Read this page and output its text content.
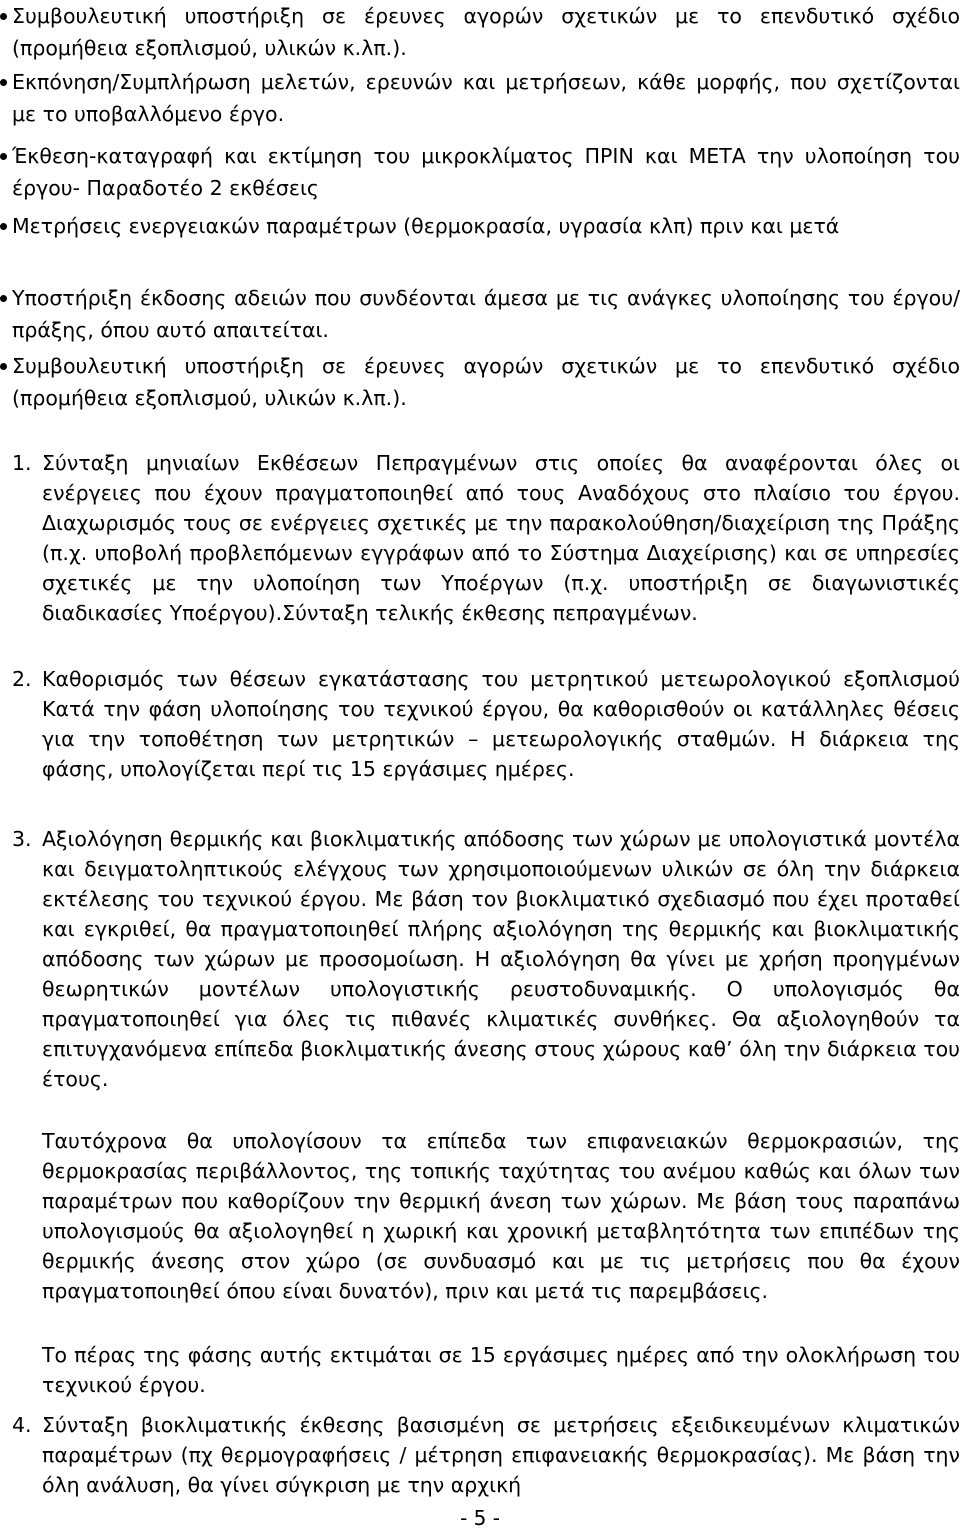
Συμβουλευτική υποστήριξη σε έρευνες αγορών σχετικών με το επενδυτικό σχέδιο (προμήθεια εξοπλισμού, υλικών κ.λπ.).
Εκπόνηση/Συμπλήρωση μελετών, ερευνών και μετρήσεων, κάθε μορφής, που σχετίζονται με το υποβαλλόμενο έργο.
Έκθεση-καταγραφή και εκτίμηση του μικροκλίματος ΠΡΙΝ και ΜΕΤΑ την υλοποίηση του έργου- Παραδοτέο 2 εκθέσεις
Μετρήσεις ενεργειακών παραμέτρων (θερμοκρασία, υγρασία κλπ) πριν και μετά
Υποστήριξη έκδοσης αδειών που συνδέονται άμεσα με τις ανάγκες υλοποίησης του έργου/ πράξης, όπου αυτό απαιτείται.
Συμβουλευτική υποστήριξη σε έρευνες αγορών σχετικών με το επενδυτικό σχέδιο (προμήθεια εξοπλισμού, υλικών κ.λπ.).
1. Σύνταξη μηνιαίων Εκθέσεων Πεπραγμένων στις οποίες θα αναφέρονται όλες οι ενέργειες που έχουν πραγματοποιηθεί από τους Αναδόχους στο πλαίσιο του έργου. Διαχωρισμός τους σε ενέργειες σχετικές με την παρακολούθηση/διαχείριση της Πράξης (π.χ. υποβολή προβλεπόμενων εγγράφων από το Σύστημα Διαχείρισης) και σε υπηρεσίες σχετικές με την υλοποίηση των Υποέργων (π.χ. υποστήριξη σε διαγωνιστικές διαδικασίες Υποέργου).Σύνταξη τελικής έκθεσης πεπραγμένων.
2. Καθορισμός των θέσεων εγκατάστασης του μετρητικού μετεωρολογικού εξοπλισμού Κατά την φάση υλοποίησης του τεχνικού έργου, θα καθορισθούν οι κατάλληλες θέσεις για την τοποθέτηση των μετρητικών – μετεωρολογικής σταθμών. Η διάρκεια της φάσης, υπολογίζεται περί τις 15 εργάσιμες ημέρες.
3. Αξιολόγηση θερμικής και βιοκλιματικής απόδοσης των χώρων με υπολογιστικά μοντέλα και δειγματοληπτικούς ελέγχους των χρησιμοποιούμενων υλικών σε όλη την διάρκεια εκτέλεσης του τεχνικού έργου. Με βάση τον βιοκλιματικό σχεδιασμό που έχει προταθεί και εγκριθεί, θα πραγματοποιηθεί πλήρης αξιολόγηση της θερμικής και βιοκλιματικής απόδοσης των χώρων με προσομοίωση. Η αξιολόγηση θα γίνει με χρήση προηγμένων θεωρητικών μοντέλων υπολογιστικής ρευστοδυναμικής. Ο υπολογισμός θα πραγματοποιηθεί για όλες τις πιθανές κλιματικές συνθήκες. Θα αξιολογηθούν τα επιτυγχανόμενα επίπεδα βιοκλιματικής άνεσης στους χώρους καθ’ όλη την διάρκεια του έτους.
Ταυτόχρονα θα υπολογίσουν τα επίπεδα των επιφανειακών θερμοκρασιών, της θερμοκρασίας περιβάλλοντος, της τοπικής ταχύτητας του ανέμου καθώς και όλων των παραμέτρων που καθορίζουν την θερμική άνεση των χώρων. Με βάση τους παραπάνω υπολογισμούς θα αξιολογηθεί η χωρική και χρονική μεταβλητότητα των επιπέδων της θερμικής άνεσης στον χώρο (σε συνδυασμό και με τις μετρήσεις που θα έχουν πραγματοποιηθεί όπου είναι δυνατόν), πριν και μετά τις παρεμβάσεις.
Το πέρας της φάσης αυτής εκτιμάται σε 15 εργάσιμες ημέρες από την ολοκλήρωση του τεχνικού έργου.
4. Σύνταξη βιοκλιματικής έκθεσης βασισμένη σε μετρήσεις εξειδικευμένων κλιματικών παραμέτρων (πχ θερμογραφήσεις / μέτρηση επιφανειακής θερμοκρασίας). Με βάση την όλη ανάλυση, θα γίνει σύγκριση με την αρχική
- 5 -
